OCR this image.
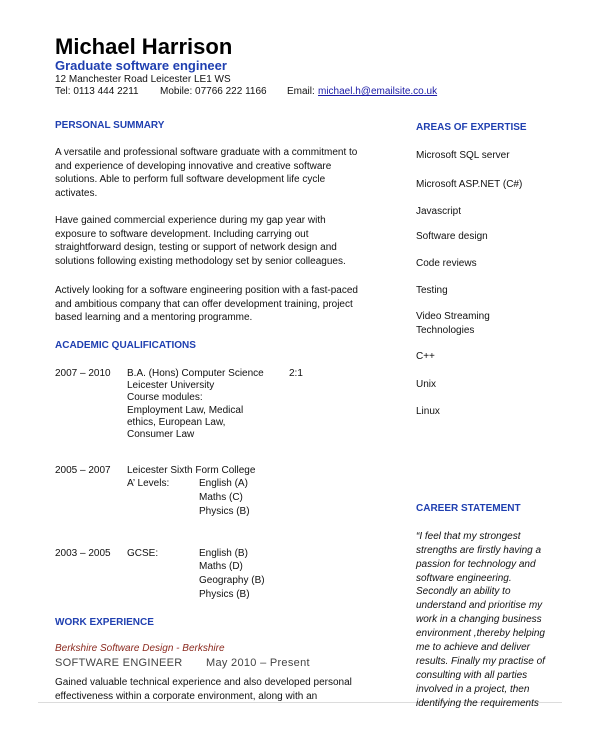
Michael Harrison
Graduate software engineer
12 Manchester Road Leicester LE1 WS
Tel: 0113 444 2211 Mobile: 07766 222 1166 Email: michael.h@emailsite.co.uk
PERSONAL SUMMARY
A versatile and professional software graduate with a commitment to and experience of developing innovative and creative software solutions. Able to perform full software development life cycle activates.
Have gained commercial experience during my gap year with exposure to software development. Including carrying out straightforward design, testing or support of network design and solutions following existing methodology set by senior colleagues.
Actively looking for a software engineering position with a fast-paced and ambitious company that can offer development training, project based learning and a mentoring programme.
ACADEMIC QUALIFICATIONS
2007 – 2010 B.A. (Hons) Computer Science	2:1
Leicester University
Course modules:
Employment Law, Medical
ethics, European Law,
Consumer Law
2005 – 2007 Leicester Sixth Form College
A’ Levels:	English (A)
Maths (C)
Physics (B)
2003 – 2005 GCSE:	English (B)
Maths (D)
Geography (B)
Physics (B)
WORK EXPERIENCE
Berkshire Software Design - Berkshire
SOFTWARE ENGINEER May 2010 – Present
Gained valuable technical experience and also developed personal
effectiveness within a corporate environment, along with an
AREAS OF EXPERTISE
Microsoft SQL server
Microsoft ASP.NET (C#)
Javascript
Software design
Code reviews
Testing
Video Streaming
Technologies
C++
Unix
Linux
CAREER STATEMENT
“I feel that my strongest
strengths are firstly having a
passion for technology and
software engineering.
Secondly an ability to
understand and prioritise my
work in a changing business
environment ,thereby helping
me to achieve and deliver
results. Finally my practise of
consulting with all parties
involved in a project, then
identifying the requirements
